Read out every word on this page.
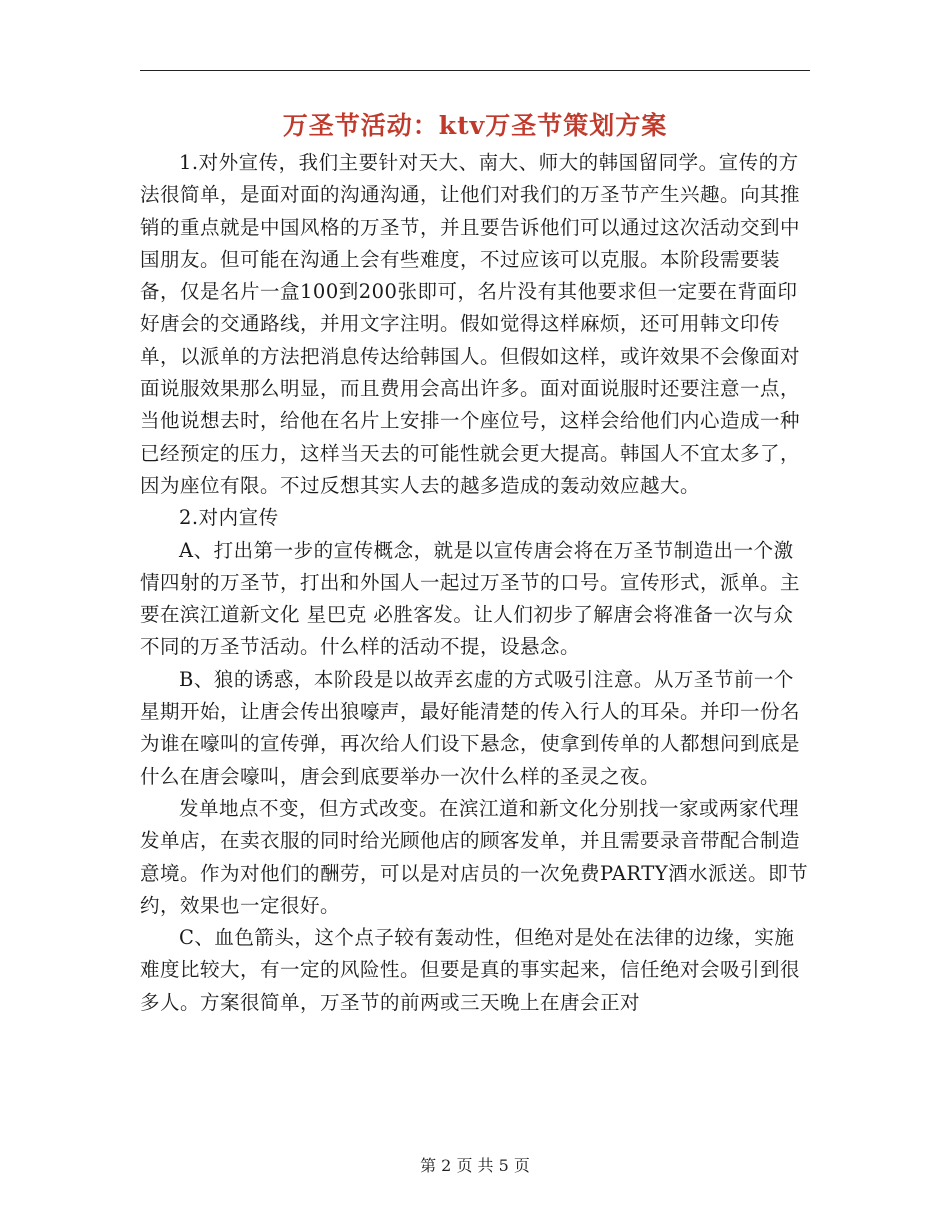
万圣节活动：ktv万圣节策划方案

1.对外宣传，我们主要针对天大、南大、师大的韩国留同学。宣传的方法很简单，是面对面的沟通沟通，让他们对我们的万圣节产生兴趣。向其推销的重点就是中国风格的万圣节，并且要告诉他们可以通过这次活动交到中国朋友。但可能在沟通上会有些难度，不过应该可以克服。本阶段需要装备，仅是名片一盒100到200张即可，名片没有其他要求但一定要在背面印好唐会的交通路线，并用文字注明。假如觉得这样麻烦，还可用韩文印传单，以派单的方法把消息传达给韩国人。但假如这样，或许效果不会像面对面说服效果那么明显，而且费用会高出许多。面对面说服时还要注意一点，当他说想去时，给他在名片上安排一个座位号，这样会给他们内心造成一种已经预定的压力，这样当天去的可能性就会更大提高。韩国人不宜太多了，因为座位有限。不过反想其实人去的越多造成的轰动效应越大。

2.对内宣传

A、打出第一步的宣传概念，就是以宣传唐会将在万圣节制造出一个激情四射的万圣节，打出和外国人一起过万圣节的口号。宣传形式，派单。主要在滨江道新文化 星巴克 必胜客发。让人们初步了解唐会将准备一次与众不同的万圣节活动。什么样的活动不提，设悬念。

B、狼的诱惑，本阶段是以故弄玄虚的方式吸引注意。从万圣节前一个星期开始，让唐会传出狼嚎声，最好能清楚的传入行人的耳朵。并印一份名为谁在嚎叫的宣传弹，再次给人们设下悬念，使拿到传单的人都想问到底是什么在唐会嚎叫，唐会到底要举办一次什么样的圣灵之夜。

发单地点不变，但方式改变。在滨江道和新文化分别找一家或两家代理发单店，在卖衣服的同时给光顾他店的顾客发单，并且需要录音带配合制造意境。作为对他们的酬劳，可以是对店员的一次免费PARTY酒水派送。即节约，效果也一定很好。

C、血色箭头，这个点子较有轰动性，但绝对是处在法律的边缘，实施难度比较大，有一定的风险性。但要是真的事实起来，信任绝对会吸引到很多人。方案很简单，万圣节的前两或三天晚上在唐会正对

第 2 页 共 5 页
